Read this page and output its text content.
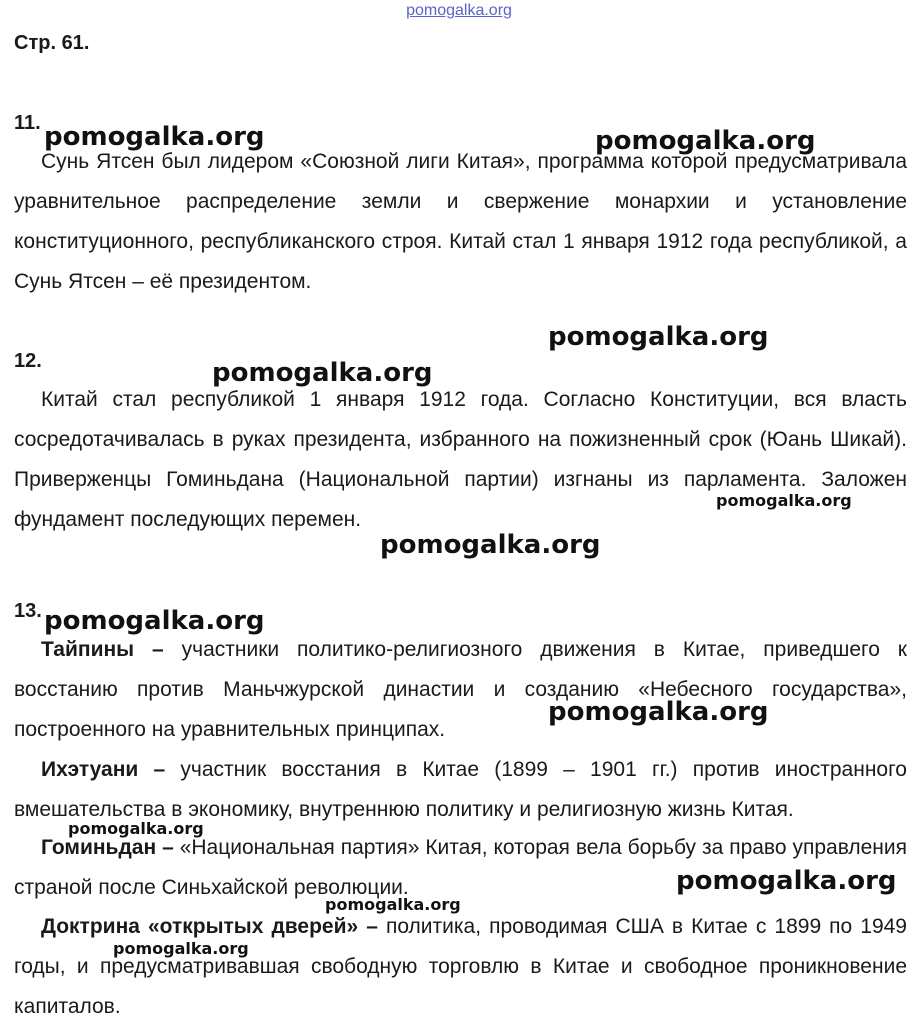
pomogalka.org
Стр. 61.
11.

Сунь Ятсен был лидером «Союзной лиги Китая», программа которой предусматривала уравнительное распределение земли и свержение монархии и установление конституционного, республиканского строя. Китай стал 1 января 1912 года республикой, а Сунь Ятсен – её президентом.

12.

Китай стал республикой 1 января 1912 года. Согласно Конституции, вся власть сосредотачивалась в руках президента, избранного на пожизненный срок (Юань Шикай). Приверженцы Гоминьдана (Национальной партии) изгнаны из парламента. Заложен фундамент последующих перемен.

13.

Тайпины – участники политико-религиозного движения в Китае, приведшего к восстанию против Маньчжурской династии и созданию «Небесного государства», построенного на уравнительных принципах.

Ихэтуани – участник восстания в Китае (1899 – 1901 гг.) против иностранного вмешательства в экономику, внутреннюю политику и религиозную жизнь Китая.

Гоминьдан – «Национальная партия» Китая, которая вела борьбу за право управления страной после Синьхайской революции.

Доктрина «открытых дверей» – политика, проводимая США в Китае с 1899 по 1949 годы, и предусматривавшая свободную торговлю в Китае и свободное проникновение капиталов.

pomogalka.org	pomogalka.org
pomogalka.org
pomogalka.org
pomogalka.org
pomogalka.org
pomogalka.org
pomogalka.org
pomogalka.org
pomogalka.org
pomogalka.org
pomogalka.org
